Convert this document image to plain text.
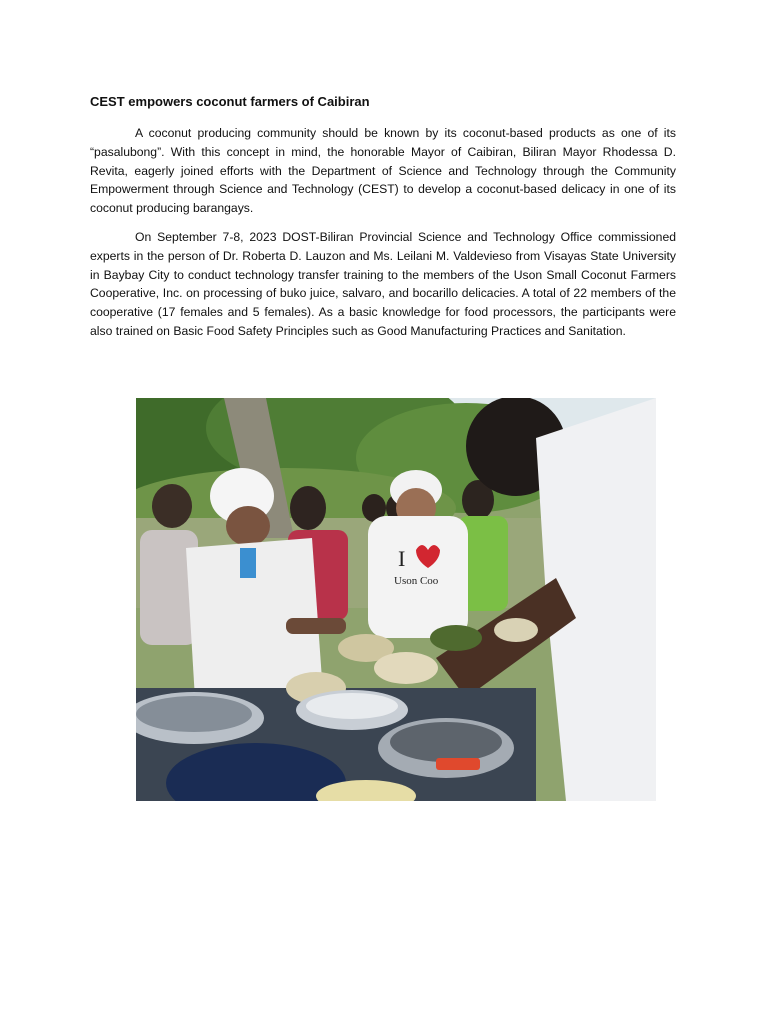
CEST empowers coconut farmers of Caibiran

A coconut producing community should be known by its coconut-based products as one of its “pasalubong”. With this concept in mind, the honorable Mayor of Caibiran, Biliran Mayor Rhodessa D. Revita, eagerly joined efforts with the Department of Science and Technology through the Community Empowerment through Science and Technology (CEST) to develop a coconut-based delicacy in one of its coconut producing barangays.

On September 7-8, 2023 DOST-Biliran Provincial Science and Technology Office commissioned experts in the person of Dr. Roberta D. Lauzon and Ms. Leilani M. Valdevieso from Visayas State University in Baybay City to conduct technology transfer training to the members of the Uson Small Coconut Farmers Cooperative, Inc. on processing of buko juice, salvaro, and bocarillo delicacies. A total of 22 members of the cooperative (17 females and 5 females). As a basic knowledge for food processors, the participants were also trained on Basic Food Safety Principles such as Good Manufacturing Practices and Sanitation.

I
Uson Coo
